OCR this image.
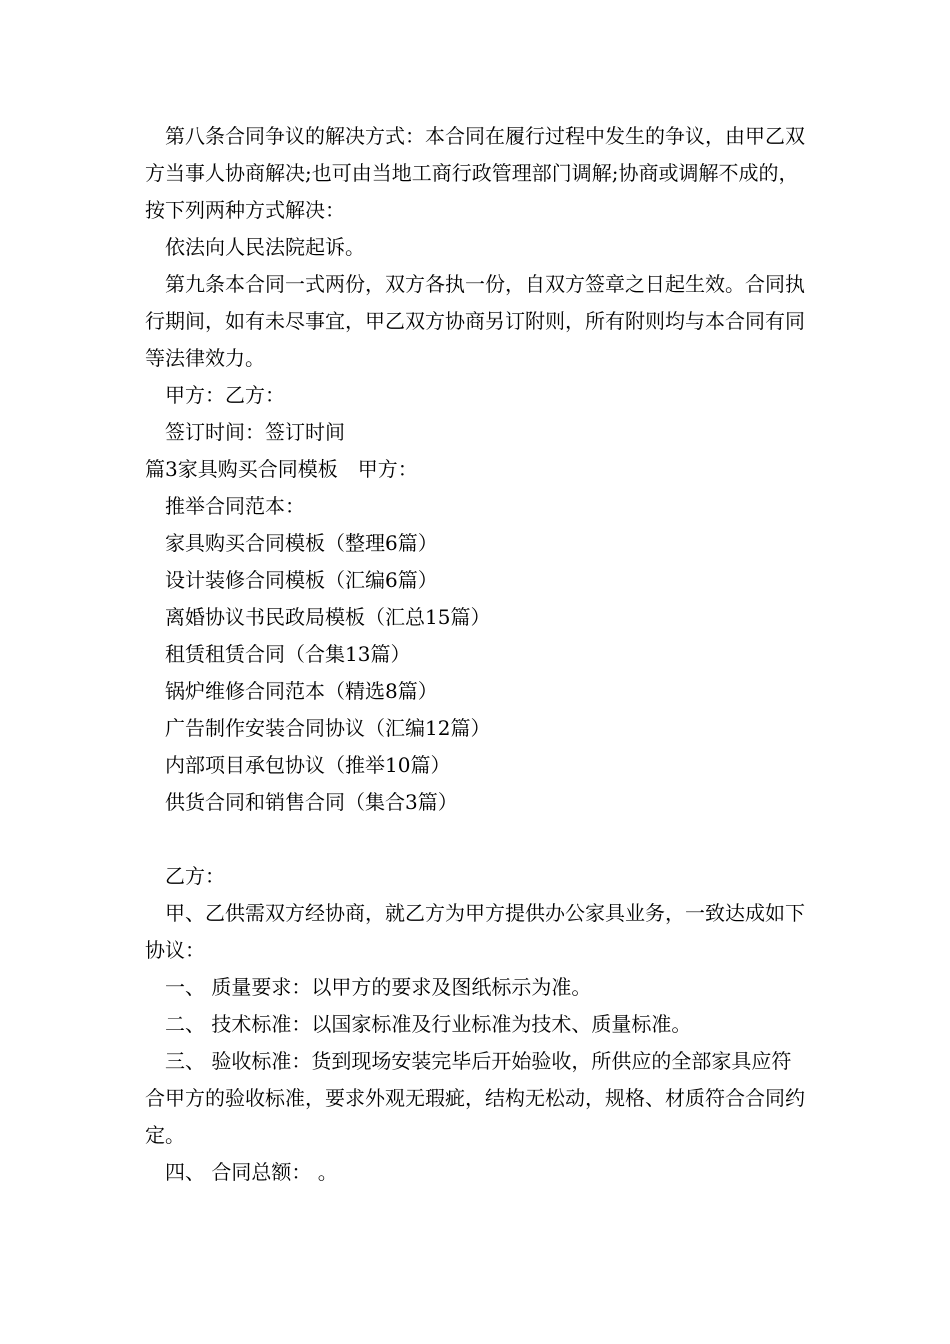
第八条合同争议的解决方式：本合同在履行过程中发生的争议，由甲乙双方当事人协商解决;也可由当地工商行政管理部门调解;协商或调解不成的，按下列两种方式解决：

依法向人民法院起诉。

第九条本合同一式两份，双方各执一份，自双方签章之日起生效。合同执行期间，如有未尽事宜，甲乙双方协商另订附则，所有附则均与本合同有同等法律效力。

甲方：乙方：

签订时间：签订时间

篇3家具购买合同模板　甲方：

推举合同范本：

家具购买合同模板（整理6篇）

设计装修合同模板（汇编6篇）

离婚协议书民政局模板（汇总15篇）

租赁租赁合同（合集13篇）

锅炉维修合同范本（精选8篇）

广告制作安装合同协议（汇编12篇）

内部项目承包协议（推举10篇）

供货合同和销售合同（集合3篇）

乙方：

甲、乙供需双方经协商，就乙方为甲方提供办公家具业务，一致达成如下协议：

一、 质量要求：以甲方的要求及图纸标示为准。

二、 技术标准：以国家标准及行业标准为技术、质量标准。

三、 验收标准：货到现场安装完毕后开始验收，所供应的全部家具应符合甲方的验收标准，要求外观无瑕疵，结构无松动，规格、材质符合合同约定。

四、 合同总额： 。
